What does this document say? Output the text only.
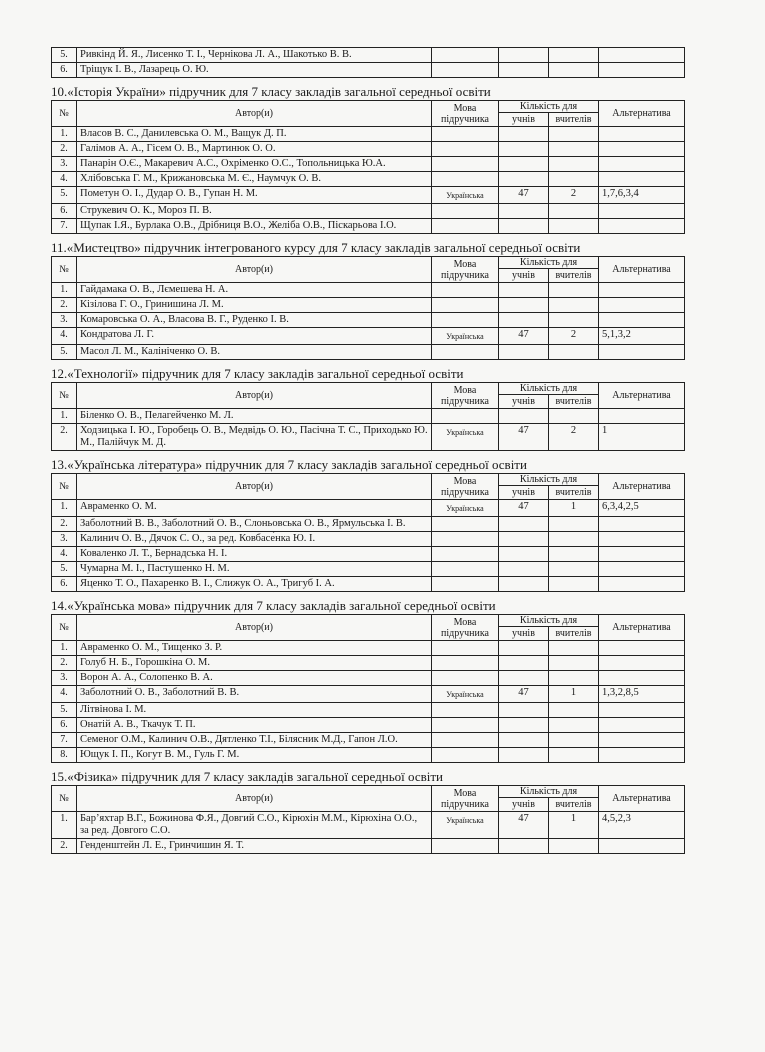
5.	Ривкінд Й. Я., Лисенко Т. І., Чернікова Л. А., Шакотько В. В.				
6.	Тріщук І. В., Лазарець О. Ю.				
10.«Історія України» підручник для 7 класу закладів загальної середньої освіти
№	Автор(и)	Мова підручника	Кількість для		Альтернатива
			учнів	вчителів	
1.	Власов В. С., Данилевська О. М., Ващук Д. П.				
2.	Галімов А. А., Гісем О. В., Мартинюк О. О.				
3.	Панарін О.Є., Макаревич А.С., Охріменко О.С., Топольницька Ю.А.				
4.	Хлібовська Г. М., Крижановська М. Є., Наумчук О. В.				
5.	Пометун О. І., Дудар О. В., Гупан Н. М.	Українська	47	2	1,7,6,3,4
6.	Струкевич О. К., Мороз П. В.				
7.	Щупак І.Я., Бурлака О.В., Дрібниця В.О., Желіба О.В., Піскарьова І.О.				
11.«Мистецтво» підручник інтегрованого курсу для 7 класу закладів загальної середньої освіти
№	Автор(и)	Мова підручника	Кількість для		Альтернатива
			учнів	вчителів	
1.	Гайдамака О. В., Лємешева Н. А.				
2.	Кізілова Г. О., Гринишина Л. М.				
3.	Комаровська О. А., Власова В. Г., Руденко І. В.				
4.	Кондратова Л. Г.	Українська	47	2	5,1,3,2
5.	Масол Л. М., Калініченко О. В.				
12.«Технології» підручник для 7 класу закладів загальної середньої освіти
№	Автор(и)	Мова підручника	Кількість для		Альтернатива
			учнів	вчителів	
1.	Біленко О. В., Пелагейченко М. Л.				
2.	Ходзицька І. Ю., Горобець О. В., Медвідь О. Ю., Пасічна Т. С., Приходько Ю. М., Палійчук М. Д.	Українська	47	2	1
13.«Українська література» підручник для 7 класу закладів загальної середньої освіти
№	Автор(и)	Мова підручника	Кількість для		Альтернатива
			учнів	вчителів	
1.	Авраменко О. М.	Українська	47	1	6,3,4,2,5
2.	Заболотний В. В., Заболотний О. В., Слоньовська О. В., Ярмульська І. В.				
3.	Калинич О. В., Дячок С. О., за ред. Ковбасе́нка Ю. І.				
4.	Коваленко Л. Т., Бернадська Н. І.				
5.	Чумарна М. І., Пастушенко Н. М.				
6.	Яценко Т. О., Пахаренко В. І., Слижук О. А., Тригуб І. А.				
14.«Українська мова» підручник для 7 класу закладів загальної середньої освіти
№	Автор(и)	Мова підручника	Кількість для		Альтернатива
			учнів	вчителів	
1.	Авраменко О. М., Тищенко З. Р.				
2.	Голуб Н. Б., Горошкіна О. М.				
3.	Ворон А. А., Солопенко В. А.				
4.	Заболотний О. В., Заболотний В. В.	Українська	47	1	1,3,2,8,5
5.	Літвінова І. М.				
6.	Онатій А. В., Ткачук Т. П.				
7.	Семеног О.М., Калинич О.В., Дятленко Т.І., Білясник М.Д., Гапон Л.О.				
8.	Ющук І. П., Когут В. М., Гуль Г. М.				
15.«Фізика» підручник для 7 класу закладів загальної середньої освіти
№	Автор(и)	Мова підручника	Кількість для		Альтернатива
			учнів	вчителів	
1.	Бар’яхтар В.Г., Божинова Ф.Я., Довгий С.О., Кірюхін М.М., Кірюхіна О.О., за ред. Довгого С.О.	Українська	47	1	4,5,2,3
2.	Генденштейн Л. Е., Гринчишин Я. Т.				
